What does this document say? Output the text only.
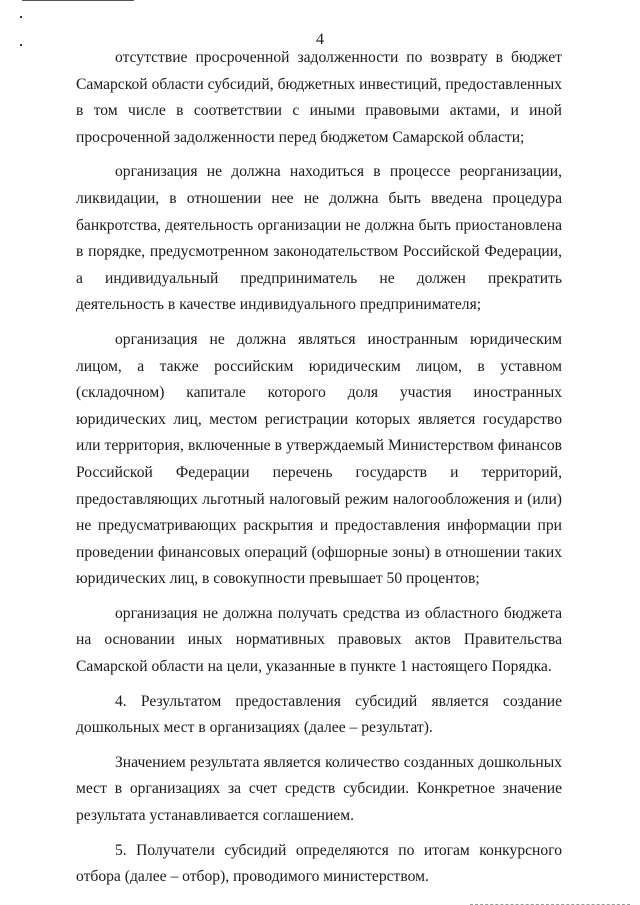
4

отсутствие просроченной задолженности по возврату в бюджет Самарской области субсидий, бюджетных инвестиций, предоставленных в том числе в соответствии с иными правовыми актами, и иной просроченной задолженности перед бюджетом Самарской области;

организация не должна находиться в процессе реорганизации, ликвидации, в отношении нее не должна быть введена процедура банкротства, деятельность организации не должна быть приостановлена в порядке, предусмотренном законодательством Российской Федерации, а индивидуальный предприниматель не должен прекратить деятельность в качестве индивидуального предпринимателя;

организация не должна являться иностранным юридическим лицом, а также российским юридическим лицом, в уставном (складочном) капитале которого доля участия иностранных юридических лиц, местом регистрации которых является государство или территория, включенные в утверждаемый Министерством финансов Российской Федерации перечень государств и территорий, предоставляющих льготный налоговый режим налогообложения и (или) не предусматривающих раскрытия и предоставления информации при проведении финансовых операций (офшорные зоны) в отношении таких юридических лиц, в совокупности превышает 50 процентов;

организация не должна получать средства из областного бюджета на основании иных нормативных правовых актов Правительства Самарской области на цели, указанные в пункте 1 настоящего Порядка.

4. Результатом предоставления субсидий является создание дошкольных мест в организациях (далее – результат).

Значением результата является количество созданных дошкольных мест в организациях за счет средств субсидии. Конкретное значение результата устанавливается соглашением.

5. Получатели субсидий определяются по итогам конкурсного отбора (далее – отбор), проводимого министерством.
